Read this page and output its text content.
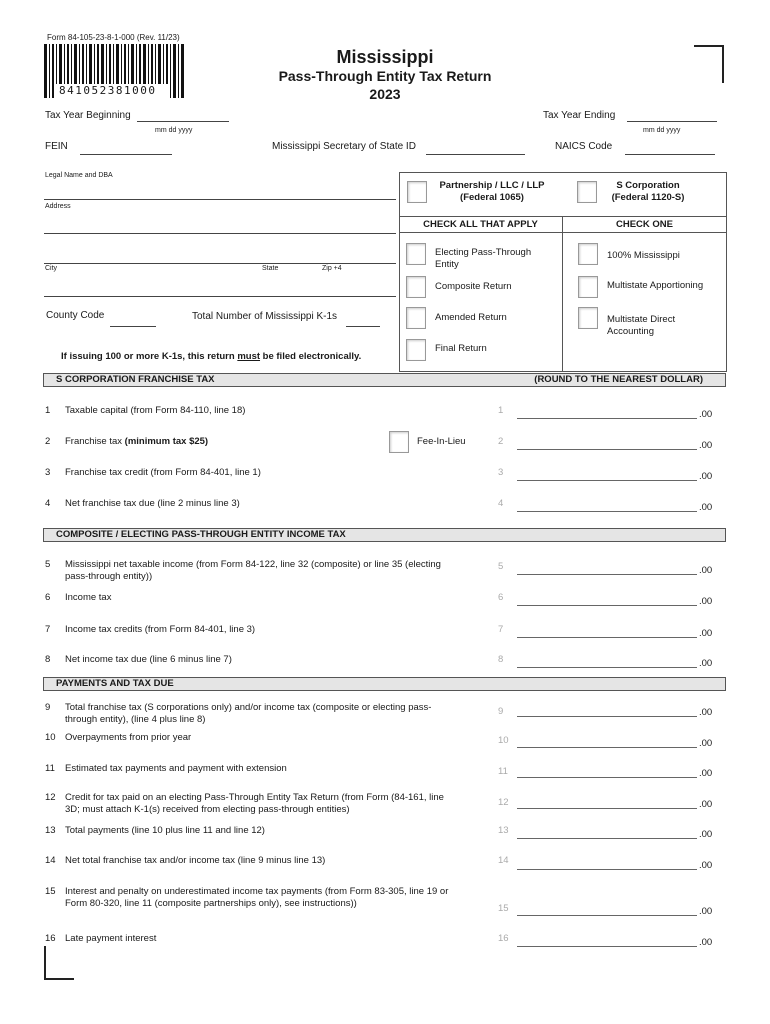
Form 84-105-23-8-1-000 (Rev. 11/23)
841052381000
Mississippi
Pass-Through Entity Tax Return
2023
Tax Year Beginning
mm dd yyyy
Tax Year Ending
mm dd yyyy
FEIN	Mississippi Secretary of State ID	NAICS Code
Legal Name and DBA
Address
City	State	Zip +4
County Code	Total Number of Mississippi K-1s
If issuing 100 or more K-1s, this return must be filed electronically.
Partnership / LLC / LLP
(Federal 1065)
S Corporation
(Federal 1120-S)
CHECK ALL THAT APPLY	CHECK ONE
Electing Pass-Through Entity
Composite Return
Amended Return
Final Return
100% Mississippi
Multistate Apportioning
Multistate Direct Accounting
S CORPORATION FRANCHISE TAX	(ROUND TO THE NEAREST DOLLAR)
COMPOSITE / ELECTING PASS-THROUGH ENTITY INCOME TAX
PAYMENTS AND TAX DUE
1 Taxable capital (from Form 84-110, line 18)	1	.00
2 Franchise tax (minimum tax $25)	Fee-In-Lieu	2	.00
3 Franchise tax credit (from Form 84-401, line 1)	3	.00
4 Net franchise tax due (line 2 minus line 3)	4	.00
5 Mississippi net taxable income (from Form 84-122, line 32 (composite) or line 35 (electing pass-through entity))
5	.00
6 Income tax	6	.00
7 Income tax credits (from Form 84-401, line 3)	7	.00
8 Net income tax due (line 6 minus line 7)	8	.00
9 Total franchise tax (S corporations only) and/or income tax (composite or electing pass-through entity), (line 4 plus line 8)
9	.00
10 Overpayments from prior year	10	.00
11 Estimated tax payments and payment with extension	11	.00
12 Credit for tax paid on an electing Pass-Through Entity Tax Return (from Form (84-161, line 3D; must attach K-1(s) received from electing pass-through entities)
12	.00
13 Total payments (line 10 plus line 11 and line 12)	13	.00
14 Net total franchise tax and/or income tax (line 9 minus line 13)	14	.00
15 Interest and penalty on underestimated income tax payments (from Form 83-305, line 19 or Form 80-320, line 11 (composite partnerships only), see instructions))	15	.00
16 Late payment interest	16	.00
